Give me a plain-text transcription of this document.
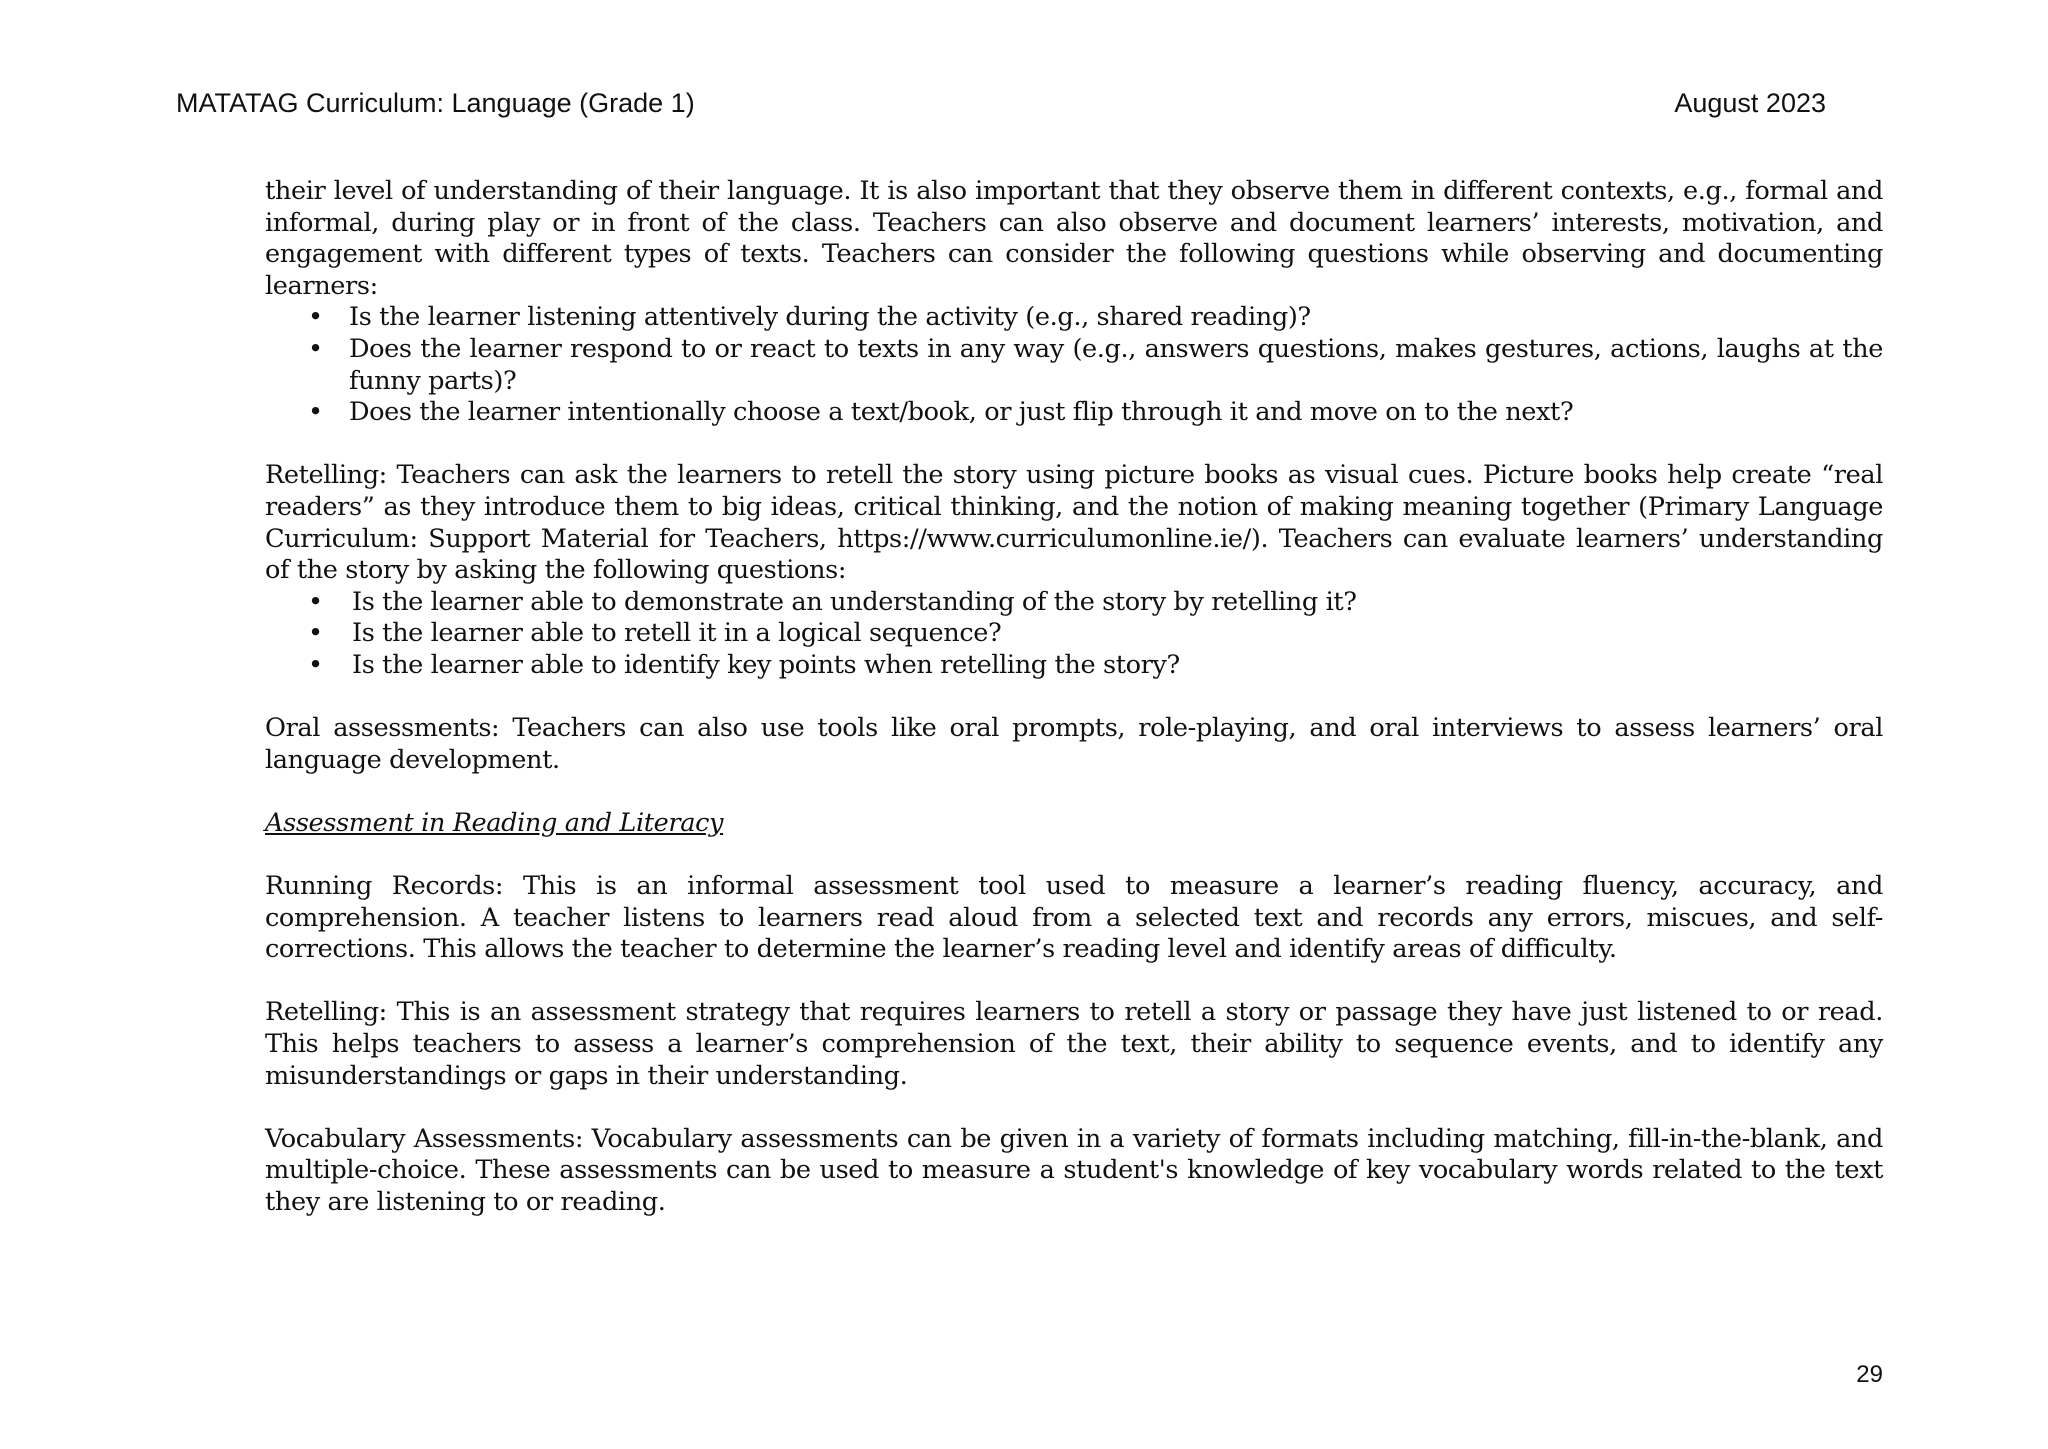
MATATAG Curriculum: Language (Grade 1)	August 2023

their level of understanding of their language. It is also important that they observe them in different contexts, e.g., formal and informal, during play or in front of the class. Teachers can also observe and document learners’ interests, motivation, and engagement with different types of texts. Teachers can consider the following questions while observing and documenting learners:

• Is the learner listening attentively during the activity (e.g., shared reading)?
• Does the learner respond to or react to texts in any way (e.g., answers questions, makes gestures, actions, laughs at the funny parts)?
• Does the learner intentionally choose a text/book, or just flip through it and move on to the next?

Retelling: Teachers can ask the learners to retell the story using picture books as visual cues. Picture books help create “real readers” as they introduce them to big ideas, critical thinking, and the notion of making meaning together (Primary Language Curriculum: Support Material for Teachers, https://www.curriculumonline.ie/). Teachers can evaluate learners’ understanding of the story by asking the following questions:

• Is the learner able to demonstrate an understanding of the story by retelling it?
• Is the learner able to retell it in a logical sequence?
• Is the learner able to identify key points when retelling the story?

Oral assessments: Teachers can also use tools like oral prompts, role-playing, and oral interviews to assess learners’ oral language development.

Assessment in Reading and Literacy

Running Records: This is an informal assessment tool used to measure a learner’s reading fluency, accuracy, and comprehension. A teacher listens to learners read aloud from a selected text and records any errors, miscues, and self-corrections. This allows the teacher to determine the learner’s reading level and identify areas of difficulty.

Retelling: This is an assessment strategy that requires learners to retell a story or passage they have just listened to or read. This helps teachers to assess a learner’s comprehension of the text, their ability to sequence events, and to identify any misunderstandings or gaps in their understanding.

Vocabulary Assessments: Vocabulary assessments can be given in a variety of formats including matching, fill-in-the-blank, and multiple-choice. These assessments can be used to measure a student's knowledge of key vocabulary words related to the text they are listening to or reading.

29
